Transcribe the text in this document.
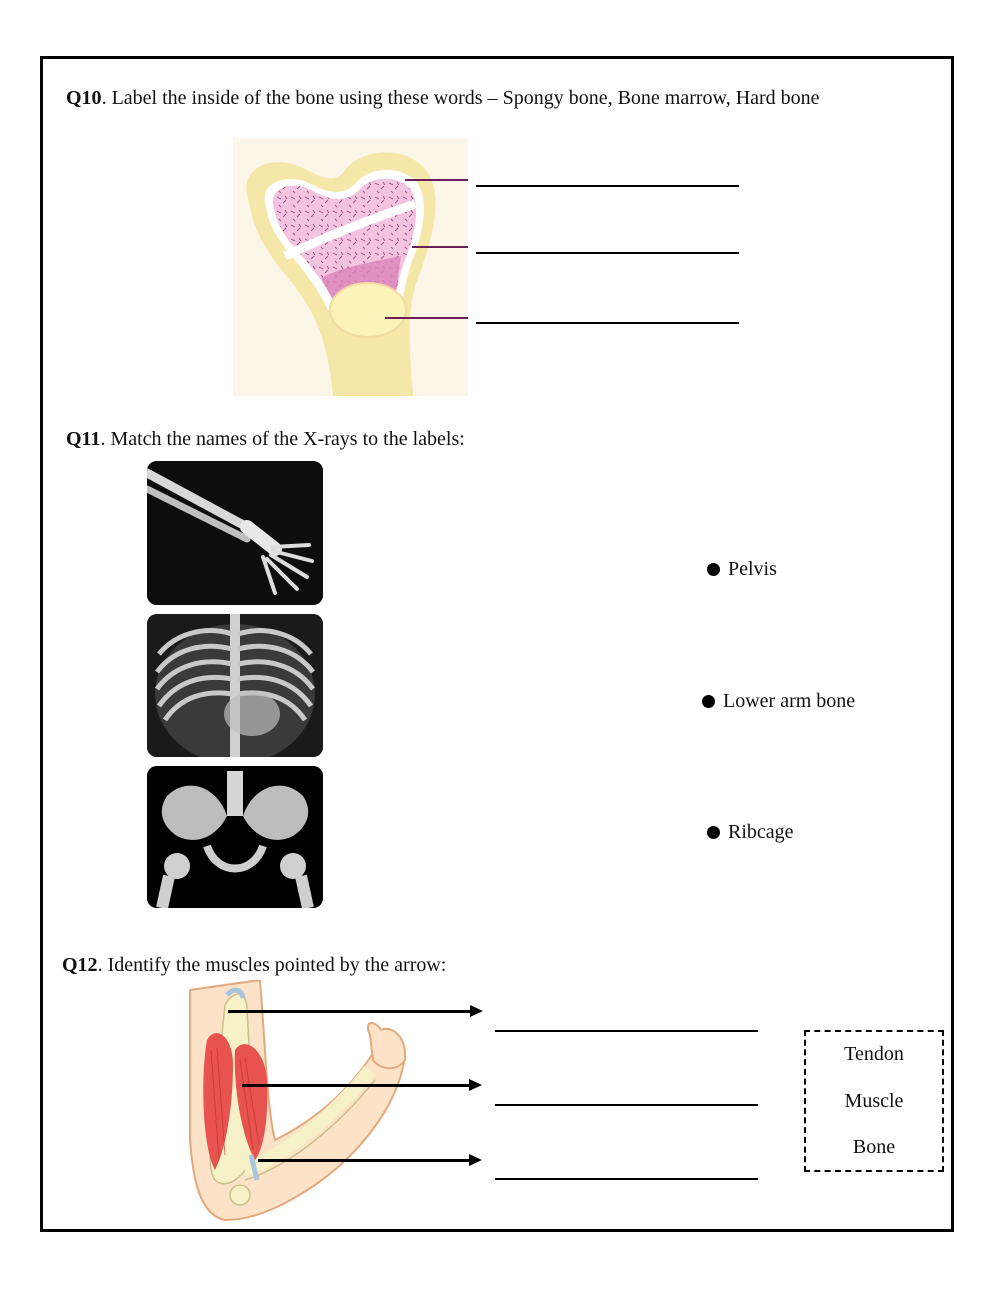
Q10. Label the inside of the bone using these words – Spongy bone, Bone marrow, Hard bone
Q11. Match the names of the X-rays to the labels:
Pelvis
Lower arm bone
Ribcage
Q12. Identify the muscles pointed by the arrow:
Tendon
Muscle
Bone
